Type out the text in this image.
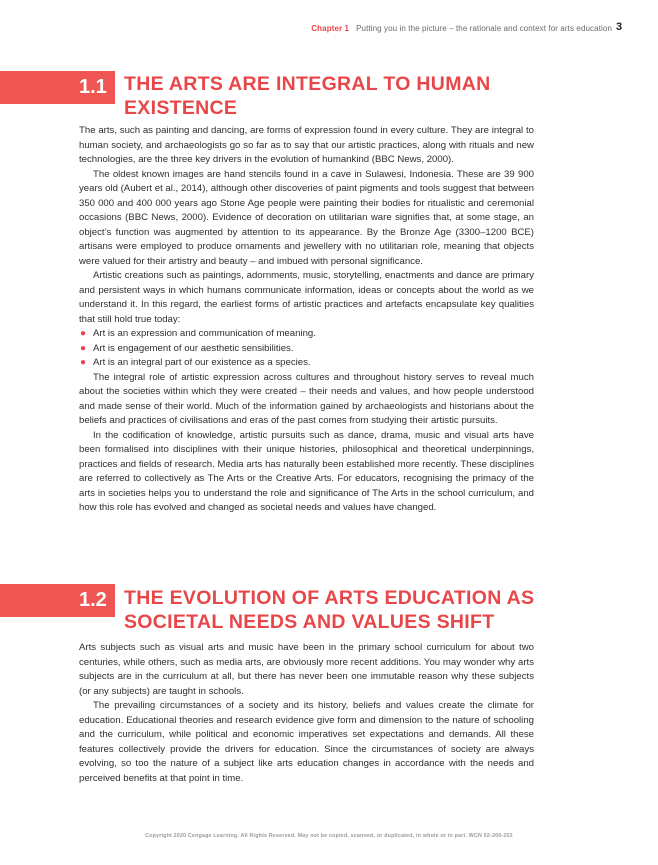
Chapter 1 Putting you in the picture – the rationale and context for arts education 3
1.1 THE ARTS ARE INTEGRAL TO HUMAN EXISTENCE

The arts, such as painting and dancing, are forms of expression found in every culture. They are integral to human society, and archaeologists go so far as to say that our artistic practices, along with rituals and new technologies, are the three key drivers in the evolution of humankind (BBC News, 2000).

The oldest known images are hand stencils found in a cave in Sulawesi, Indonesia. These are 39 900 years old (Aubert et al., 2014), although other discoveries of paint pigments and tools suggest that between 350 000 and 400 000 years ago Stone Age people were painting their bodies for ritualistic and ceremonial occasions (BBC News, 2000). Evidence of decoration on utilitarian ware signifies that, at some stage, an object’s function was augmented by attention to its appearance. By the Bronze Age (3300–1200 BCE) artisans were employed to produce ornaments and jewellery with no utilitarian role, meaning that objects were valued for their artistry and beauty – and imbued with personal significance.

Artistic creations such as paintings, adornments, music, storytelling, enactments and dance are primary and persistent ways in which humans communicate information, ideas or concepts about the world as we understand it. In this regard, the earliest forms of artistic practices and artefacts encapsulate key qualities that still hold true today:

● Art is an expression and communication of meaning.
● Art is engagement of our aesthetic sensibilities.
● Art is an integral part of our existence as a species.

The integral role of artistic expression across cultures and throughout history serves to reveal much about the societies within which they were created – their needs and values, and how people understood and made sense of their world. Much of the information gained by archaeologists and historians about the beliefs and practices of civilisations and eras of the past comes from studying their artistic pursuits.

In the codification of knowledge, artistic pursuits such as dance, drama, music and visual arts have been formalised into disciplines with their unique histories, philosophical and theoretical underpinnings, practices and fields of research. Media arts has naturally been established more recently. These disciplines are referred to collectively as The Arts or the Creative Arts. For educators, recognising the primacy of the arts in societies helps you to understand the role and significance of The Arts in the school curriculum, and how this role has evolved and changed as societal needs and values have changed.

1.2 THE EVOLUTION OF ARTS EDUCATION AS SOCIETAL NEEDS AND VALUES SHIFT

Arts subjects such as visual arts and music have been in the primary school curriculum for about two centuries, while others, such as media arts, are obviously more recent additions. You may wonder why arts subjects are in the curriculum at all, but there has never been one immutable reason why these subjects (or any subjects) are taught in schools.

The prevailing circumstances of a society and its history, beliefs and values create the climate for education. Educational theories and research evidence give form and dimension to the nature of schooling and the curriculum, while political and economic imperatives set expectations and demands. All these features collectively provide the drivers for education. Since the circumstances of society are always evolving, so too the nature of a subject like arts education changes in accordance with the needs and perceived benefits at that point in time.

Copyright 2020 Cengage Learning. All Rights Reserved. May not be copied, scanned, or duplicated, in whole or in part. WCN 02-200-202
